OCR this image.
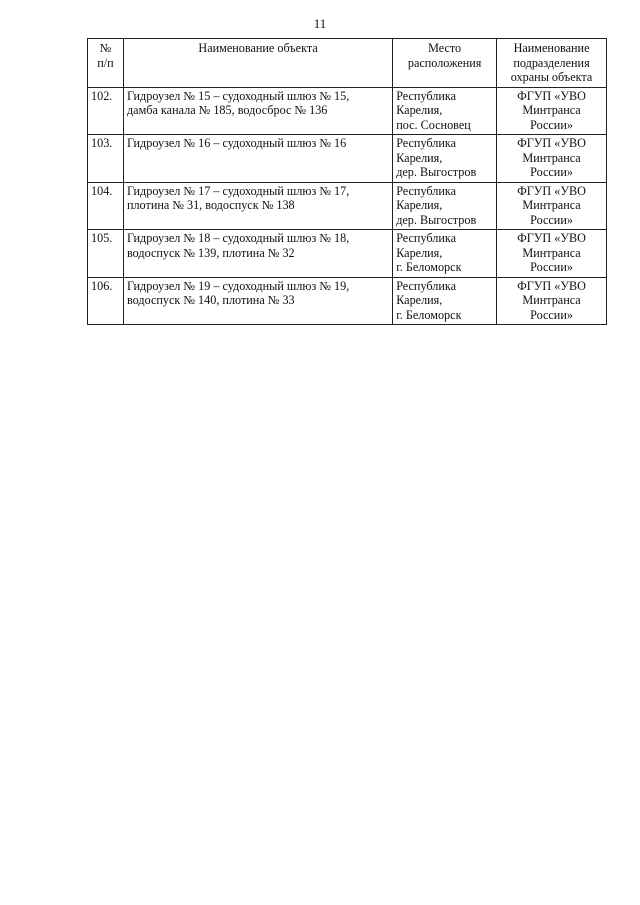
11
№
п/п	Наименование объекта	Место
расположения	Наименование
подразделения
охраны объекта

102.	Гидроузел № 15 – судоходный шлюз № 15,
дамба канала № 185, водосброс № 136	Республика
Карелия,
пос. Сосновец	ФГУП «УВО
Минтранса
России»

103.	Гидроузел № 16 – судоходный шлюз № 16	Республика
Карелия,
дер. Выгостров	ФГУП «УВО
Минтранса
России»

104.	Гидроузел № 17 – судоходный шлюз № 17,
плотина № 31, водоспуск № 138	Республика
Карелия,
дер. Выгостров	ФГУП «УВО
Минтранса
России»

105.	Гидроузел № 18 – судоходный шлюз № 18,
водоспуск № 139, плотина № 32	Республика
Карелия,
г. Беломорск	ФГУП «УВО
Минтранса
России»

106.	Гидроузел № 19 – судоходный шлюз № 19,
водоспуск № 140, плотина № 33	Республика
Карелия,
г. Беломорск	ФГУП «УВО
Минтранса
России»
